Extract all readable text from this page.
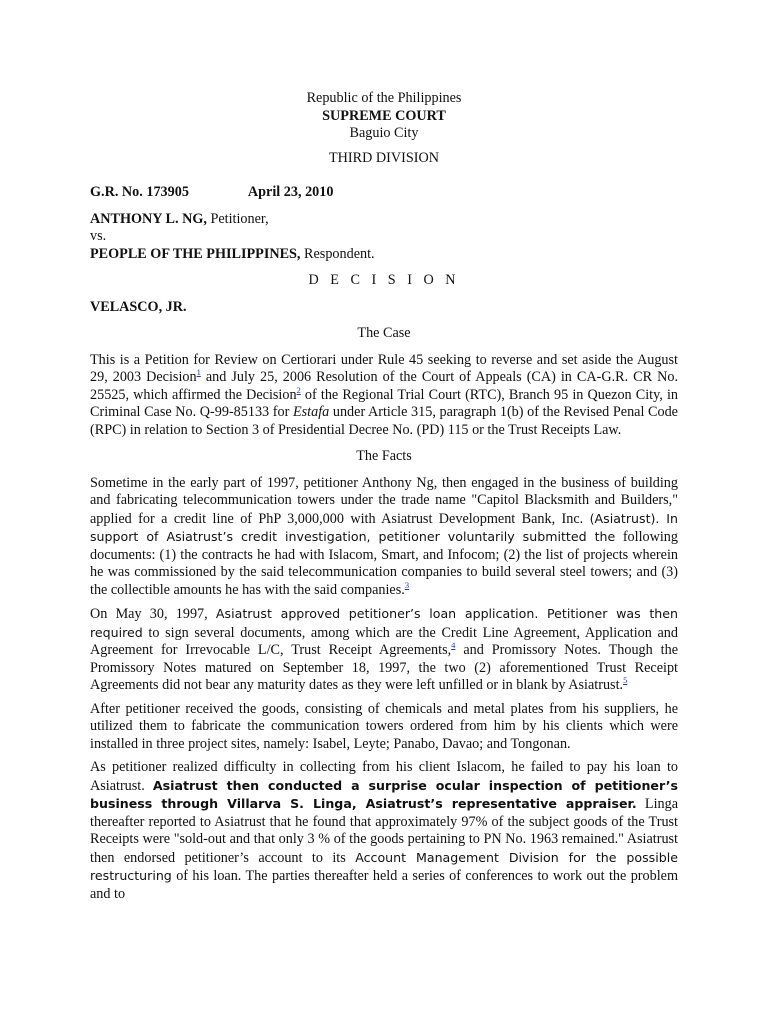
Republic of the Philippines
SUPREME COURT
Baguio City
THIRD DIVISION
G.R. No. 173905	April 23, 2010
ANTHONY L. NG, Petitioner,
vs.
PEOPLE OF THE PHILIPPINES, Respondent.
D E C I S I O N
VELASCO, JR.
The Case

This is a Petition for Review on Certiorari under Rule 45 seeking to reverse and set aside the August 29, 2003 Decision$^1$ and July 25, 2006 Resolution of the Court of Appeals (CA) in CA-G.R. CR No. 25525, which affirmed the Decision$^2$ of the Regional Trial Court (RTC), Branch 95 in Quezon City, in Criminal Case No. Q-99-85133 for Estafa under Article 315, paragraph 1(b) of the Revised Penal Code (RPC) in relation to Section 3 of Presidential Decree No. (PD) 115 or the Trust Receipts Law.

The Facts

Sometime in the early part of 1997, petitioner Anthony Ng, then engaged in the business of building and fabricating telecommunication towers under the trade name "Capitol Blacksmith and Builders," applied for a credit line of PhP 3,000,000 with Asiatrust Development Bank, Inc. (Asiatrust). In support of Asiatrust’s credit investigation, petitioner voluntarily submitted the following documents: (1) the contracts he had with Islacom, Smart, and Infocom; (2) the list of projects wherein he was commissioned by the said telecommunication companies to build several steel towers; and (3) the collectible amounts he has with the said companies.$^3$

On May 30, 1997, Asiatrust approved petitioner’s loan application. Petitioner was then required to sign several documents, among which are the Credit Line Agreement, Application and Agreement for Irrevocable L/C, Trust Receipt Agreements,$^4$ and Promissory Notes. Though the Promissory Notes matured on September 18, 1997, the two (2) aforementioned Trust Receipt Agreements did not bear any maturity dates as they were left unfilled or in blank by Asiatrust.$^5$

After petitioner received the goods, consisting of chemicals and metal plates from his suppliers, he utilized them to fabricate the communication towers ordered from him by his clients which were installed in three project sites, namely: Isabel, Leyte; Panabo, Davao; and Tongonan.

As petitioner realized difficulty in collecting from his client Islacom, he failed to pay his loan to Asiatrust. Asiatrust then conducted a surprise ocular inspection of petitioner’s business through Villarva S. Linga, Asiatrust’s representative appraiser. Linga thereafter reported to Asiatrust that he found that approximately 97% of the subject goods of the Trust Receipts were "sold-out and that only 3 % of the goods pertaining to PN No. 1963 remained." Asiatrust then endorsed petitioner’s account to its Account Management Division for the possible restructuring of his loan. The parties thereafter held a series of conferences to work out the problem and to
